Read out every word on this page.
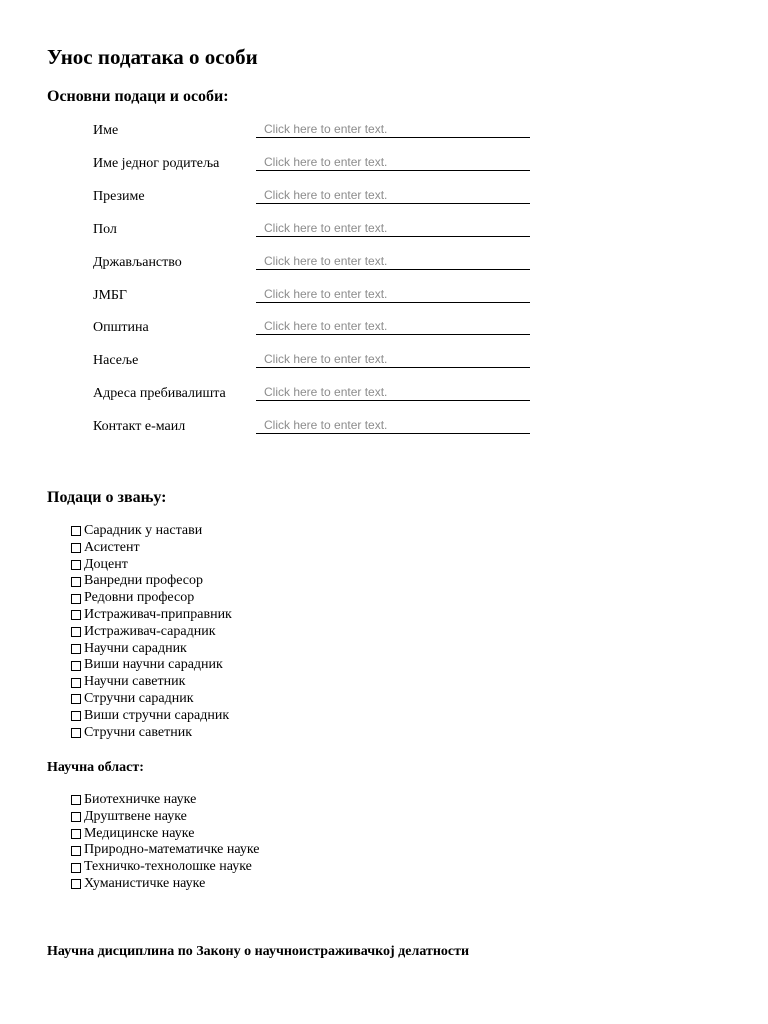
Унос података о особи
Основни подаци и особи:
Име
Click here to enter text.
Име једног родитеља
Click here to enter text.
Презиме
Click here to enter text.
Пол
Click here to enter text.
Држављанство
Click here to enter text.
ЈМБГ
Click here to enter text.
Општина
Click here to enter text.
Насеље
Click here to enter text.
Адреса пребивалишта
Click here to enter text.
Контакт е-маил
Click here to enter text.
Подаци о звању:
Сарадник у настави
Асистент
Доцент
Ванредни професор
Редовни професор
Истраживач-приправник
Истраживач-сарадник
Научни сарадник
Виши научни сарадник
Научни саветник
Стручни сарадник
Виши стручни сарадник
Стручни саветник
Научна област:
Биотехничке науке
Друштвене науке
Медицинске науке
Природно-математичке науке
Техничко-технолошке науке
Хуманистичке науке
Научна дисциплина по Закону о научноистраживачкој делатности
